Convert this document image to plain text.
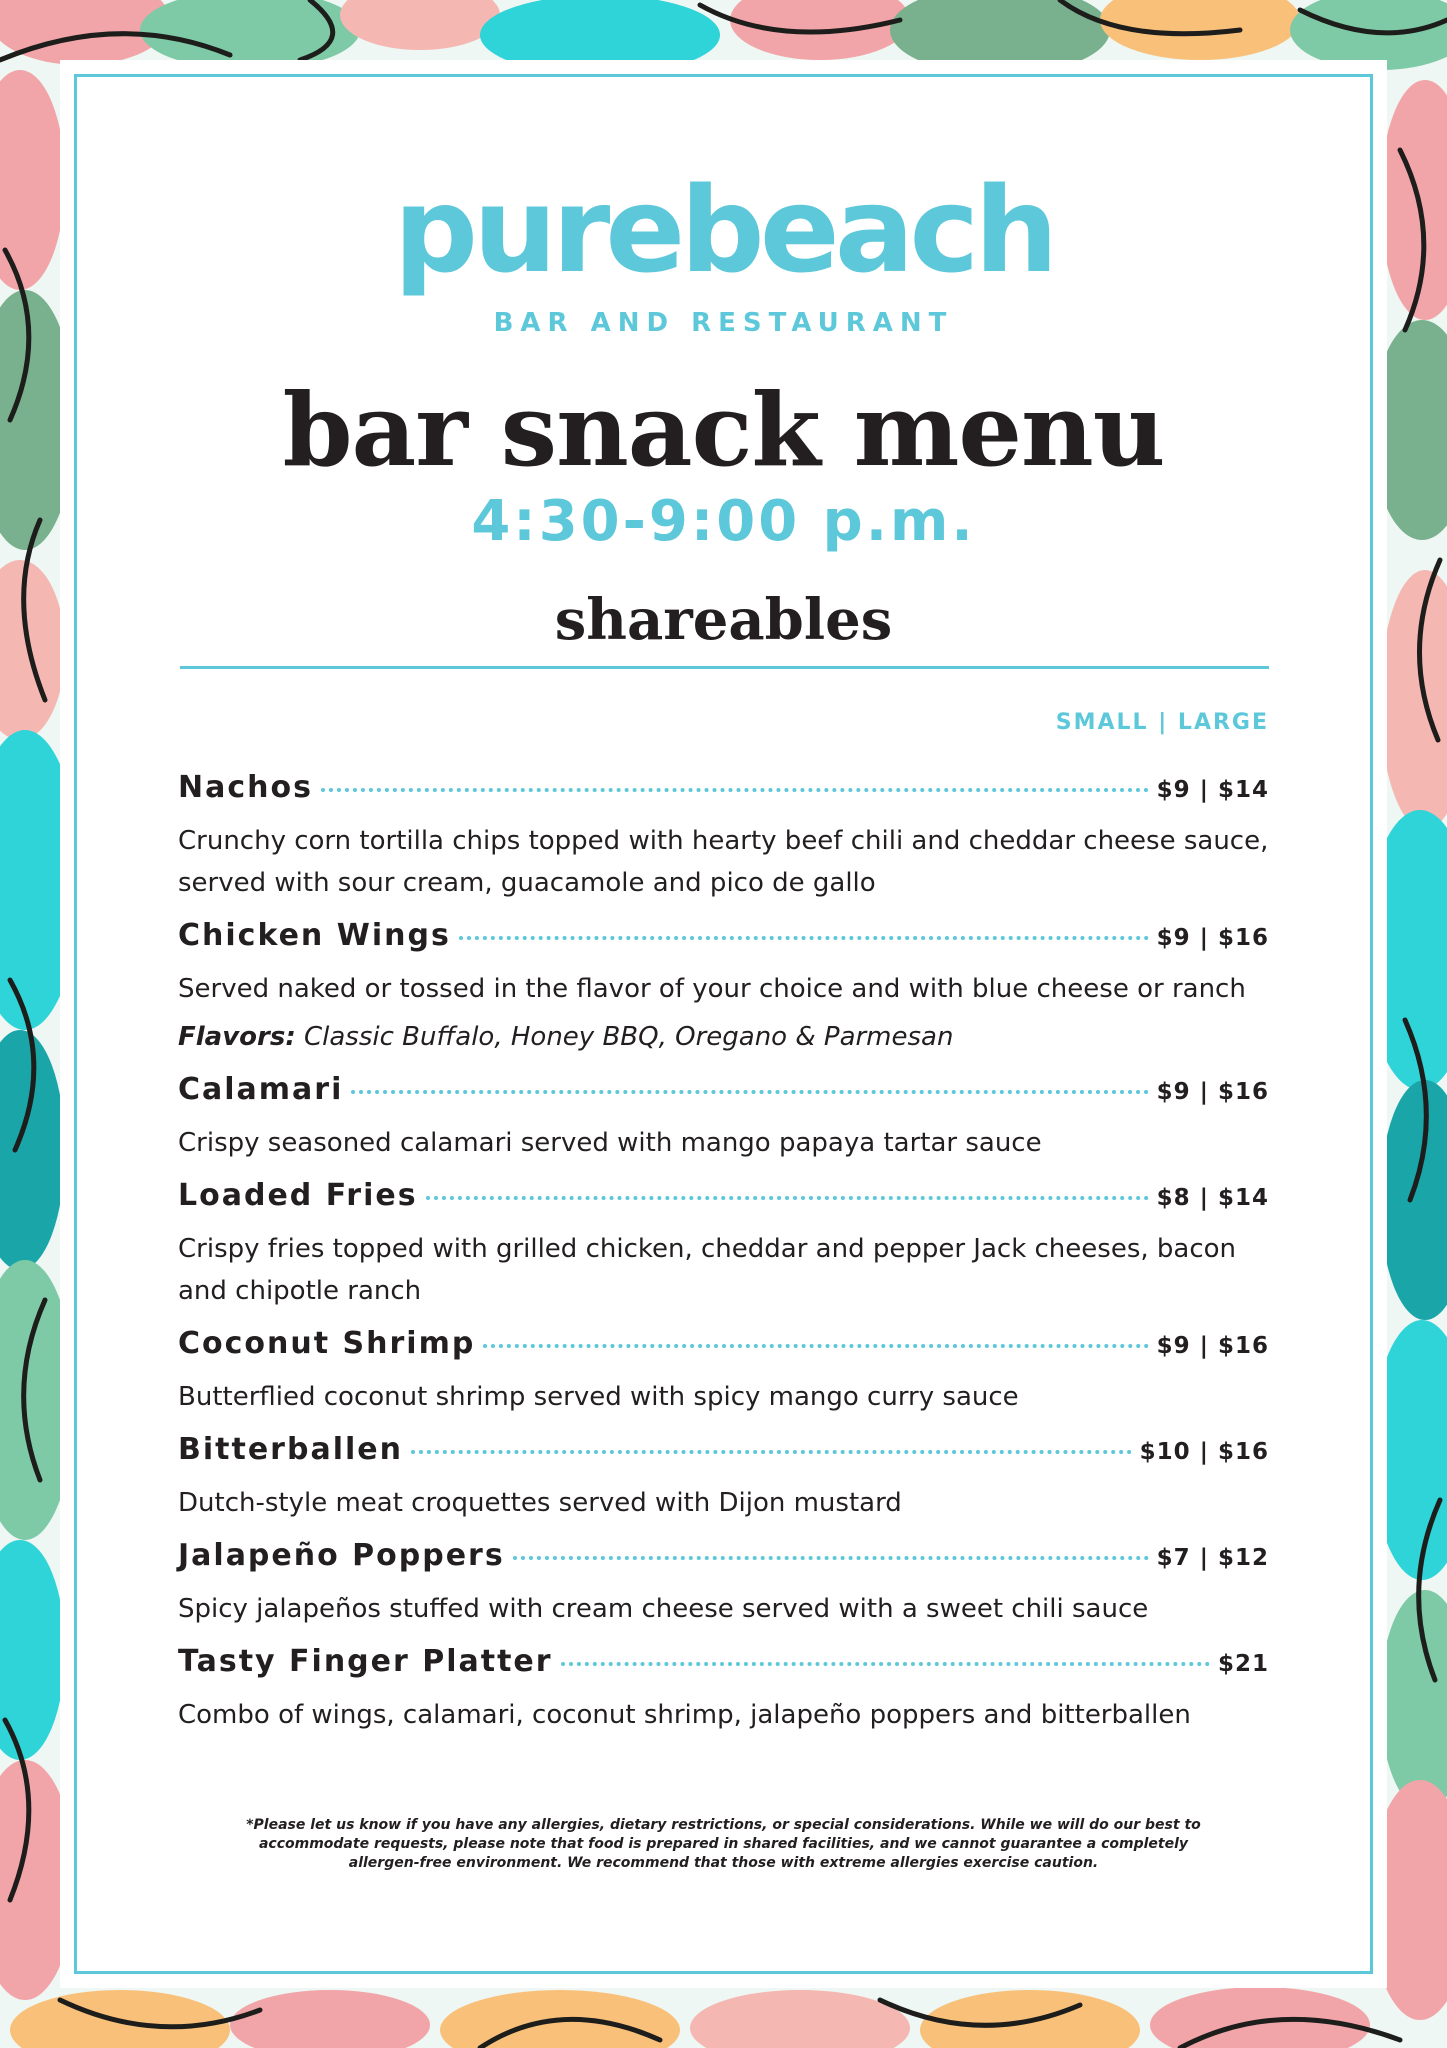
purebeach
BAR AND RESTAURANT
bar snack menu
4:30-9:00 p.m.
shareables
SMALL | LARGE
Nachos	$9 | $14
Crunchy corn tortilla chips topped with hearty beef chili and cheddar cheese sauce, served with sour cream, guacamole and pico de gallo
Chicken Wings	$9 | $16
Served naked or tossed in the flavor of your choice and with blue cheese or ranch
Flavors: Classic Buffalo, Honey BBQ, Oregano & Parmesan
Calamari	$9 | $16
Crispy seasoned calamari served with mango papaya tartar sauce
Loaded Fries	$8 | $14
Crispy fries topped with grilled chicken, cheddar and pepper Jack cheeses, bacon and chipotle ranch
Coconut Shrimp	$9 | $16
Butterflied coconut shrimp served with spicy mango curry sauce
Bitterballen	$10 | $16
Dutch-style meat croquettes served with Dijon mustard
Jalapeño Poppers	$7 | $12
Spicy jalapeños stuffed with cream cheese served with a sweet chili sauce
Tasty Finger Platter	$21
Combo of wings, calamari, coconut shrimp, jalapeño poppers and bitterballen
*Please let us know if you have any allergies, dietary restrictions, or special considerations. While we will do our best to accommodate requests, please note that food is prepared in shared facilities, and we cannot guarantee a completely allergen-free environment. We recommend that those with extreme allergies exercise caution.
